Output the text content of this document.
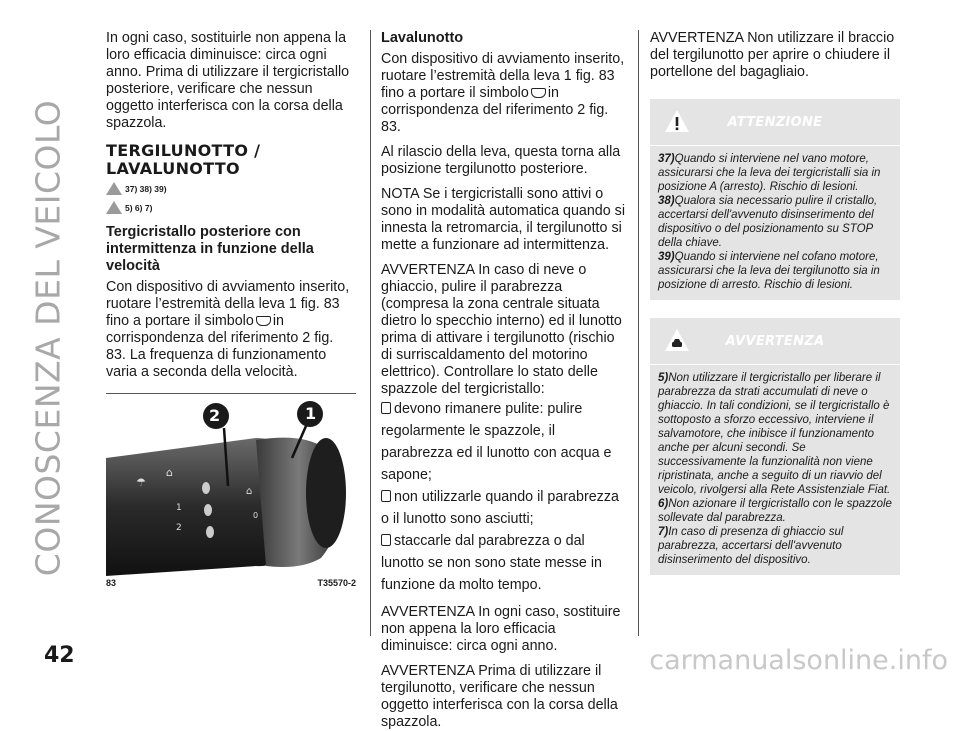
CONOSCENZA DEL VEICOLO
42	carmanualsonline.info

In ogni caso, sostituirle non appena la loro efficacia diminuisce: circa ogni anno. Prima di utilizzare il tergicristallo posteriore, verificare che nessun oggetto interferisca con la corsa della spazzola.

TERGILUNOTTO / LAVALUNOTTO
37) 38) 39)
5) 6) 7)
Tergicristallo posteriore con intermittenza in funzione della velocità

Con dispositivo di avviamento inserito, ruotare l’estremità della leva 1 fig. 83 fino a portare il simbolo in corrispondenza del riferimento 2 fig. 83. La frequenza di funzionamento varia a seconda della velocità.

☂
⌂
1
2
⌂
0
2	1
83	T35570-2
Lavalunotto

Con dispositivo di avviamento inserito, ruotare l’estremità della leva 1 fig. 83 fino a portare il simbolo in corrispondenza del riferimento 2 fig. 83.

Al rilascio della leva, questa torna alla posizione tergilunotto posteriore.

NOTA Se i tergicristalli sono attivi o sono in modalità automatica quando si innesta la retromarcia, il tergilunotto si mette a funzionare ad intermittenza.

AVVERTENZA In caso di neve o ghiaccio, pulire il parabrezza (compresa la zona centrale situata dietro lo specchio interno) ed il lunotto prima di attivare i tergilunotto (rischio di surriscaldamento del motorino elettrico). Controllare lo stato delle spazzole del tergicristallo:

devono rimanere pulite: pulire regolarmente le spazzole, il parabrezza ed il lunotto con acqua e sapone;

non utilizzarle quando il parabrezza o il lunotto sono asciutti;

staccarle dal parabrezza o dal lunotto se non sono state messe in funzione da molto tempo.

AVVERTENZA In ogni caso, sostituire non appena la loro efficacia diminuisce: circa ogni anno.

AVVERTENZA Prima di utilizzare il tergilunotto, verificare che nessun oggetto interferisca con la corsa della spazzola.

AVVERTENZA Non utilizzare il braccio del tergilunotto per aprire o chiudere il portellone del bagagliaio.

ATTENZIONE

37)Quando si interviene nel vano motore, assicurarsi che la leva dei tergicristalli sia in posizione A (arresto). Rischio di lesioni.

38)Qualora sia necessario pulire il cristallo, accertarsi dell'avvenuto disinserimento del dispositivo o del posizionamento su STOP della chiave.

39)Quando si interviene nel cofano motore, assicurarsi che la leva dei tergilunotto sia in posizione di arresto. Rischio di lesioni.

AVVERTENZA

5)Non utilizzare il tergicristallo per liberare il parabrezza da strati accumulati di neve o ghiaccio. In tali condizioni, se il tergicristallo è sottoposto a sforzo eccessivo, interviene il salvamotore, che inibisce il funzionamento anche per alcuni secondi. Se successivamente la funzionalità non viene ripristinata, anche a seguito di un riavvio del veicolo, rivolgersi alla Rete Assistenziale Fiat.

6)Non azionare il tergicristallo con le spazzole sollevate dal parabrezza.

7)In caso di presenza di ghiaccio sul parabrezza, accertarsi dell'avvenuto disinserimento del dispositivo.
